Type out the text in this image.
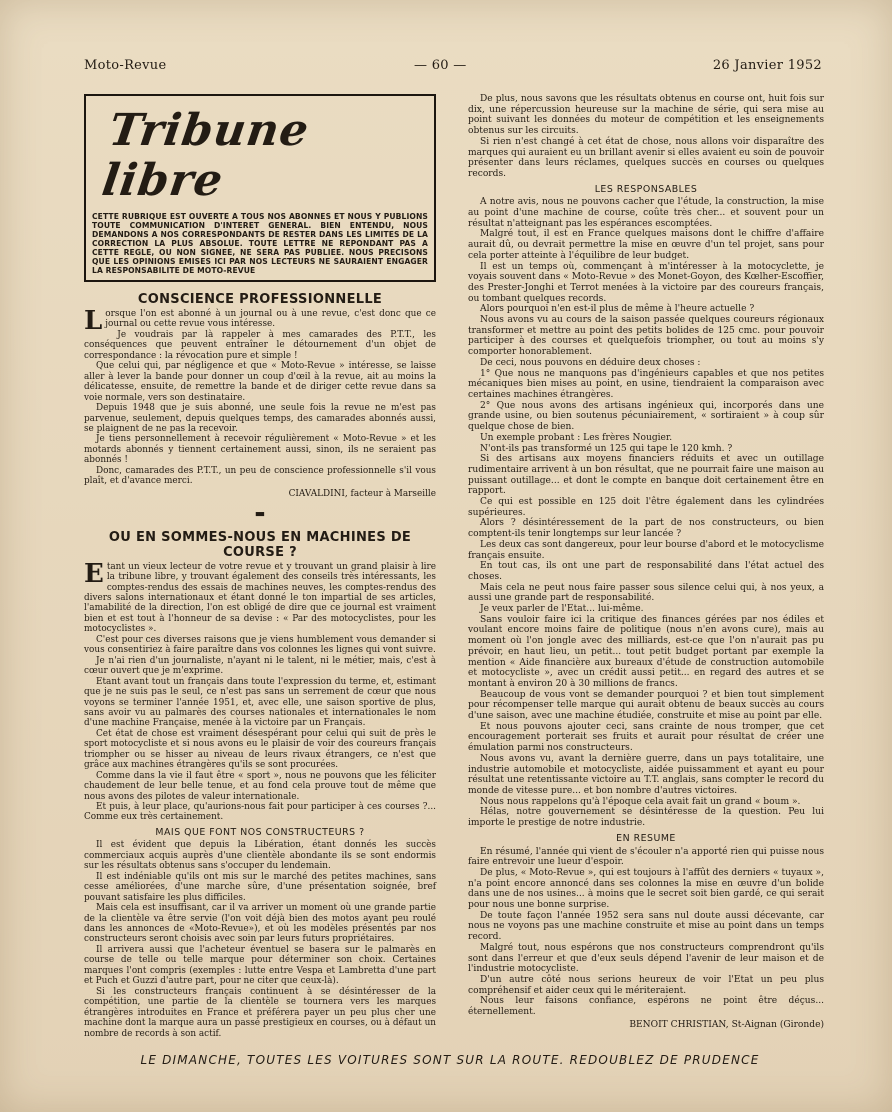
Moto-Revue	— 60 —	26 Janvier 1952
Tribune libre
CETTE RUBRIQUE EST OUVERTE A TOUS NOS ABONNES ET NOUS Y PUBLIONS TOUTE COMMUNICATION D'INTERET GENERAL. BIEN ENTENDU, NOUS DEMANDONS A NOS CORRESPONDANTS DE RESTER DANS LES LIMITES DE LA CORRECTION LA PLUS ABSOLUE. TOUTE LETTRE NE REPONDANT PAS A CETTE REGLE, OU NON SIGNEE, NE SERA PAS PUBLIEE. NOUS PRECISONS QUE LES OPINIONS EMISES ICI PAR NOS LECTEURS NE SAURAIENT ENGAGER LA RESPONSABILITE DE MOTO-REVUE
CONSCIENCE PROFESSIONNELLE

Lorsque l'on est abonné à un journal ou à une revue, c'est donc que ce journal ou cette revue vous intéresse.

Je voudrais par là rappeler à mes camarades des P.T.T., les conséquences que peuvent entraîner le détournement d'un objet de correspondance : la révocation pure et simple !

Que celui qui, par négligence et que « Moto-Revue » intéresse, se laisse aller à lever la bande pour donner un coup d'œil à la revue, ait au moins la délicatesse, ensuite, de remettre la bande et de diriger cette revue dans sa voie normale, vers son destinataire.

Depuis 1948 que je suis abonné, une seule fois la revue ne m'est pas parvenue, seulement, depuis quelques temps, des camarades abonnés aussi, se plaignent de ne pas la recevoir.

Je tiens personnellement à recevoir régulièrement « Moto-Revue » et les motards abonnés y tiennent certainement aussi, sinon, ils ne seraient pas abonnés !

Donc, camarades des P.T.T., un peu de conscience professionnelle s'il vous plaît, et d'avance merci.

CIAVALDINI, facteur à Marseille

▬
OU EN SOMMES-NOUS EN MACHINES DE COURSE ?

Etant un vieux lecteur de votre revue et y trouvant un grand plaisir à lire la tribune libre, y trouvant également des conseils très intéressants, les comptes-rendus des essais de machines neuves, les comptes-rendus des divers salons internationaux et étant donné le ton impartial de ses articles, l'amabilité de la direction, l'on est obligé de dire que ce journal est vraiment bien et est tout à l'honneur de sa devise : « Par des motocyclistes, pour les motocyclistes ».

C'est pour ces diverses raisons que je viens humblement vous demander si vous consentiriez à faire paraître dans vos colonnes les lignes qui vont suivre.

Je n'ai rien d'un journaliste, n'ayant ni le talent, ni le métier, mais, c'est à cœur ouvert que je m'exprime.

Etant avant tout un français dans toute l'expression du terme, et, estimant que je ne suis pas le seul, ce n'est pas sans un serrement de cœur que nous voyons se terminer l'année 1951, et, avec elle, une saison sportive de plus, sans avoir vu au palmarès des courses nationales et internationales le nom d'une machine Française, menée à la victoire par un Français.

Cet état de chose est vraiment désespérant pour celui qui suit de près le sport motocycliste et si nous avons eu le plaisir de voir des coureurs français triompher ou se hisser au niveau de leurs rivaux étrangers, ce n'est que grâce aux machines étrangères qu'ils se sont procurées.

Comme dans la vie il faut être « sport », nous ne pouvons que les féliciter chaudement de leur belle tenue, et au fond cela prouve tout de même que nous avons des pilotes de valeur internationale.

Et puis, à leur place, qu'aurions-nous fait pour participer à ces courses ?... Comme eux très certainement.

MAIS QUE FONT NOS CONSTRUCTEURS ?

Il est évident que depuis la Libération, étant donnés les succès commerciaux acquis auprès d'une clientèle abondante ils se sont endormis sur les résultats obtenus sans s'occuper du lendemain.

Il est indéniable qu'ils ont mis sur le marché des petites machines, sans cesse améliorées, d'une marche sûre, d'une présentation soignée, bref pouvant satisfaire les plus difficiles.

Mais cela est insuffisant, car il va arriver un moment où une grande partie de la clientèle va être servie (l'on voit déjà bien des motos ayant peu roulé dans les annonces de «Moto-Revue»), et où les modèles présentés par nos constructeurs seront choisis avec soin par leurs futurs propriétaires.

Il arrivera aussi que l'acheteur éventuel se basera sur le palmarès en course de telle ou telle marque pour déterminer son choix. Certaines marques l'ont compris (exemples : lutte entre Vespa et Lambretta d'une part et Puch et Guzzi d'autre part, pour ne citer que ceux-là).

Si les constructeurs français continuent à se désintéresser de la compétition, une partie de la clientèle se tournera vers les marques étrangères introduites en France et préférera payer un peu plus cher une machine dont la marque aura un passé prestigieux en courses, ou à défaut un nombre de records à son actif.

De plus, nous savons que les résultats obtenus en course ont, huit fois sur dix, une répercussion heureuse sur la machine de série, qui sera mise au point suivant les données du moteur de compétition et les enseignements obtenus sur les circuits.

Si rien n'est changé à cet état de chose, nous allons voir disparaître des marques qui auraient eu un brillant avenir si elles avaient eu soin de pouvoir présenter dans leurs réclames, quelques succès en courses ou quelques records.

LES RESPONSABLES

A notre avis, nous ne pouvons cacher que l'étude, la construction, la mise au point d'une machine de course, coûte très cher... et souvent pour un résultat n'atteignant pas les espérances escomptées.

Malgré tout, il est en France quelques maisons dont le chiffre d'affaire aurait dû, ou devrait permettre la mise en œuvre d'un tel projet, sans pour cela porter atteinte à l'équilibre de leur budget.

Il est un temps où, commençant à m'intéresser à la motocyclette, je voyais souvent dans « Moto-Revue » des Monet-Goyon, des Kœlher-Escoffier, des Prester-Jonghi et Terrot menées à la victoire par des coureurs français, ou tombant quelques records.

Alors pourquoi n'en est-il plus de même à l'heure actuelle ?

Nous avons vu au cours de la saison passée quelques coureurs régionaux transformer et mettre au point des petits bolides de 125 cmc. pour pouvoir participer à des courses et quelquefois triompher, ou tout au moins s'y comporter honorablement.

De ceci, nous pouvons en déduire deux choses :

1° Que nous ne manquons pas d'ingénieurs capables et que nos petites mécaniques bien mises au point, en usine, tiendraient la comparaison avec certaines machines étrangères.

2° Que nous avons des artisans ingénieux qui, incorporés dans une grande usine, ou bien soutenus pécuniairement, « sortiraient » à coup sûr quelque chose de bien.

Un exemple probant : Les frères Nougier.

N'ont-ils pas transformé un 125 qui tape le 120 kmh. ?

Si des artisans aux moyens financiers réduits et avec un outillage rudimentaire arrivent à un bon résultat, que ne pourrait faire une maison au puissant outillage... et dont le compte en banque doit certainement être en rapport.

Ce qui est possible en 125 doit l'être également dans les cylindrées supérieures.

Alors ? désintéressement de la part de nos constructeurs, ou bien comptent-ils tenir longtemps sur leur lancée ?

Les deux cas sont dangereux, pour leur bourse d'abord et le motocyclisme français ensuite.

En tout cas, ils ont une part de responsabilité dans l'état actuel des choses.

Mais cela ne peut nous faire passer sous silence celui qui, à nos yeux, a aussi une grande part de responsabilité.

Je veux parler de l'Etat... lui-même.

Sans vouloir faire ici la critique des finances gérées par nos édiles et voulant encore moins faire de politique (nous n'en avons cure), mais au moment où l'on jongle avec des milliards, est-ce que l'on n'aurait pas pu prévoir, en haut lieu, un petit... tout petit budget portant par exemple la mention « Aide financière aux bureaux d'étude de construction automobile et motocycliste », avec un crédit aussi petit... en regard des autres et se montant à environ 20 à 30 millions de francs.

Beaucoup de vous vont se demander pourquoi ? et bien tout simplement pour récompenser telle marque qui aurait obtenu de beaux succès au cours d'une saison, avec une machine étudiée, construite et mise au point par elle.

Et nous pouvons ajouter ceci, sans crainte de nous tromper, que cet encouragement porterait ses fruits et aurait pour résultat de créer une émulation parmi nos constructeurs.

Nous avons vu, avant la dernière guerre, dans un pays totalitaire, une industrie automobile et motocycliste, aidée puissamment et ayant eu pour résultat une retentissante victoire au T.T. anglais, sans compter le record du monde de vitesse pure... et bon nombre d'autres victoires.

Nous nous rappelons qu'à l'époque cela avait fait un grand « boum ».

Hélas, notre gouvernement se désintéresse de la question. Peu lui importe le prestige de notre industrie.

EN RESUME

En résumé, l'année qui vient de s'écouler n'a apporté rien qui puisse nous faire entrevoir une lueur d'espoir.

De plus, « Moto-Revue », qui est toujours à l'affût des derniers « tuyaux », n'a point encore annoncé dans ses colonnes la mise en œuvre d'un bolide dans une de nos usines... à moins que le secret soit bien gardé, ce qui serait pour nous une bonne surprise.

De toute façon l'année 1952 sera sans nul doute aussi décevante, car nous ne voyons pas une machine construite et mise au point dans un temps record.

Malgré tout, nous espérons que nos constructeurs comprendront qu'ils sont dans l'erreur et que d'eux seuls dépend l'avenir de leur maison et de l'industrie motocycliste.

D'un autre côté nous serions heureux de voir l'Etat un peu plus compréhensif et aider ceux qui le mériteraient.

Nous leur faisons confiance, espérons ne point être déçus... éternellement.

BENOIT CHRISTIAN, St-Aignan (Gironde)

LE DIMANCHE, TOUTES LES VOITURES SONT SUR LA ROUTE. REDOUBLEZ DE PRUDENCE
